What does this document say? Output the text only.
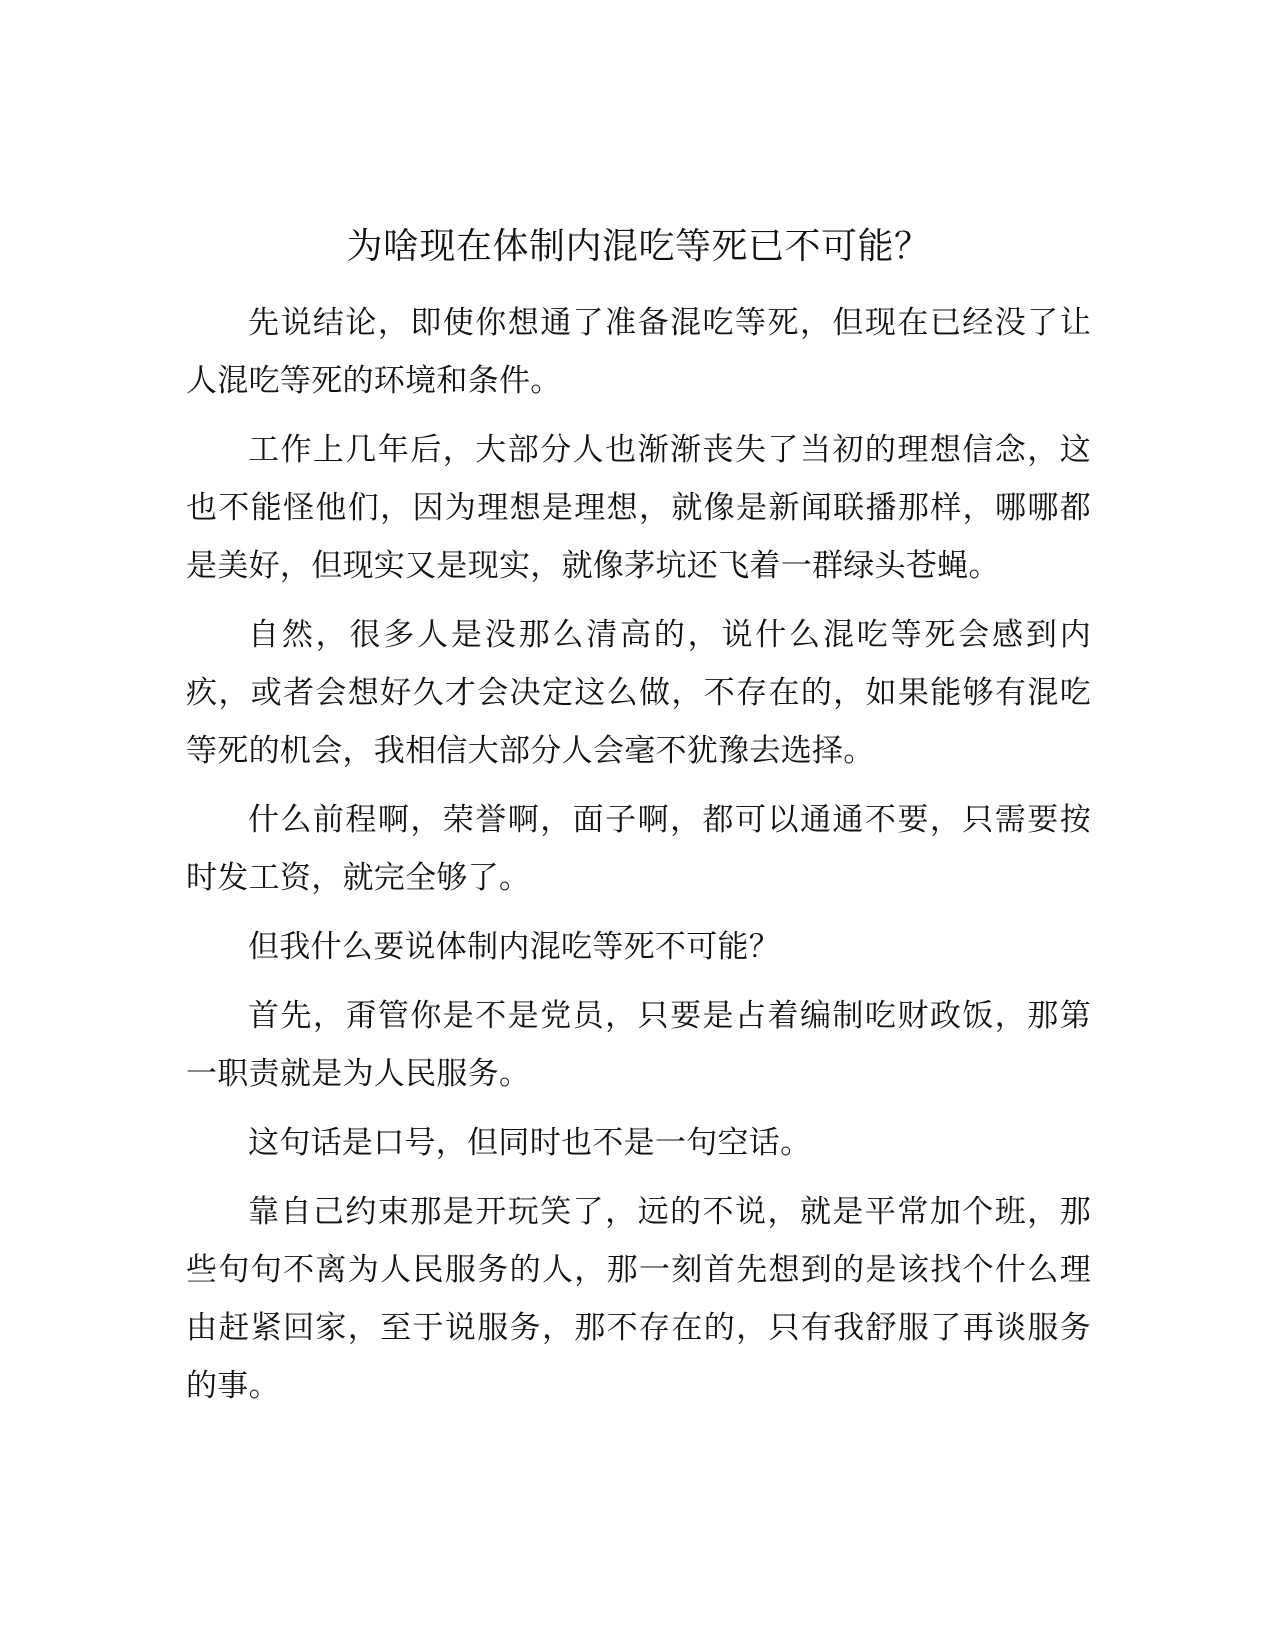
为啥现在体制内混吃等死已不可能？

先说结论，即使你想通了准备混吃等死，但现在已经没了让人混吃等死的环境和条件。

工作上几年后，大部分人也渐渐丧失了当初的理想信念，这也不能怪他们，因为理想是理想，就像是新闻联播那样，哪哪都是美好，但现实又是现实，就像茅坑还飞着一群绿头苍蝇。

自然，很多人是没那么清高的，说什么混吃等死会感到内疚，或者会想好久才会决定这么做，不存在的，如果能够有混吃等死的机会，我相信大部分人会毫不犹豫去选择。

什么前程啊，荣誉啊，面子啊，都可以通通不要，只需要按时发工资，就完全够了。

但我什么要说体制内混吃等死不可能？

首先，甭管你是不是党员，只要是占着编制吃财政饭，那第一职责就是为人民服务。

这句话是口号，但同时也不是一句空话。

靠自己约束那是开玩笑了，远的不说，就是平常加个班，那些句句不离为人民服务的人，那一刻首先想到的是该找个什么理由赶紧回家，至于说服务，那不存在的，只有我舒服了再谈服务的事。
